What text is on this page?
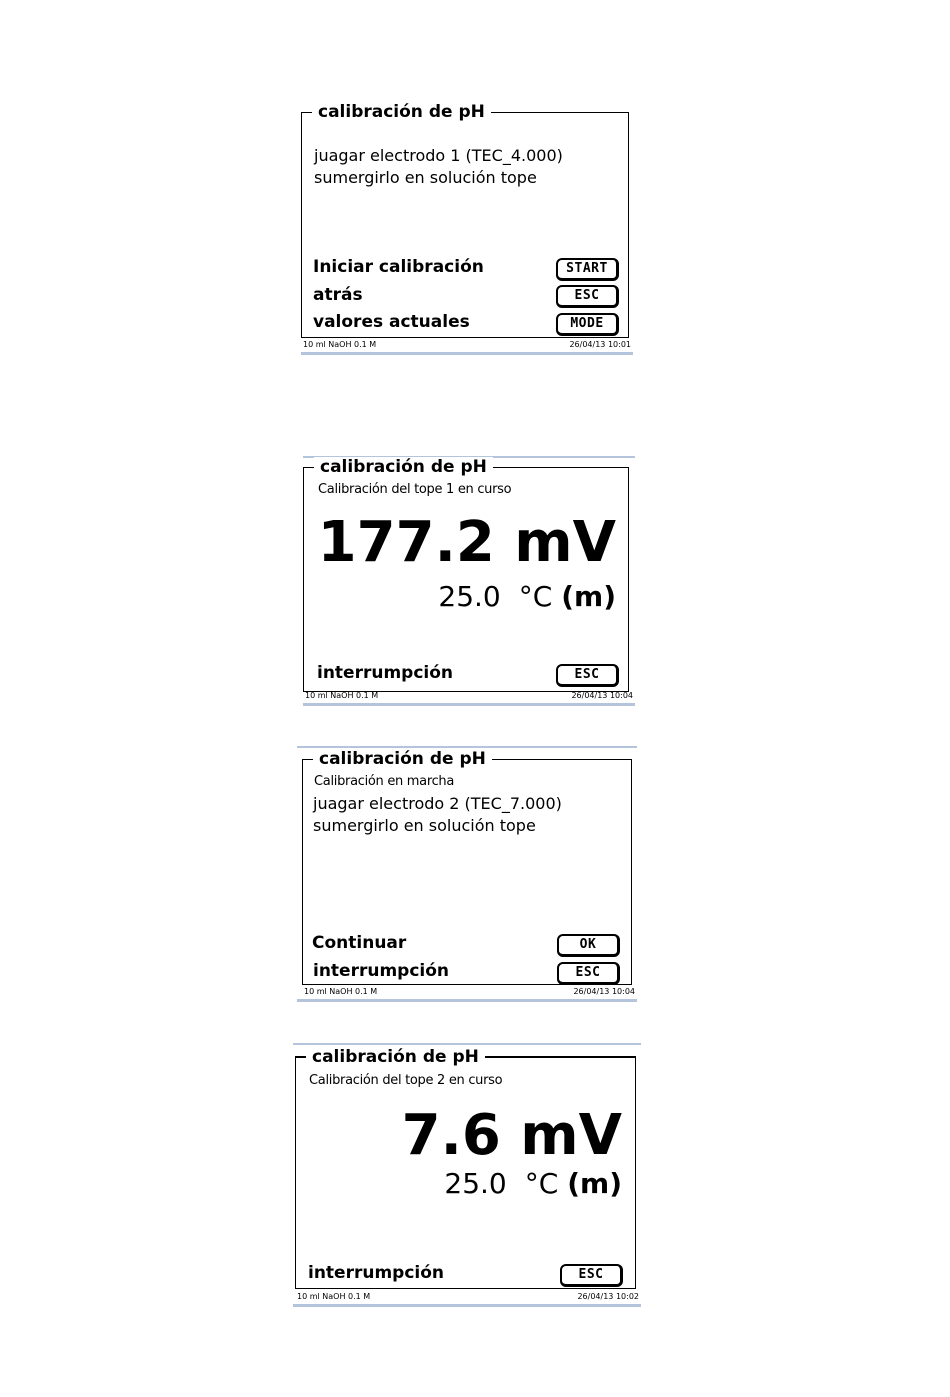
calibración de pH
juagar electrodo 1 (TEC_4.000)
sumergirlo en solución tope
Iniciar calibración	START
atrás	ESC
valores actuales	MODE
10 ml NaOH 0.1 M	26/04/13 10:01
calibración de pH
Calibración del tope 1 en curso
177.2 mV
25.0 °C (m)
interrumpción	ESC
10 ml NaOH 0.1 M	26/04/13 10:04
calibración de pH
Calibración en marcha
juagar electrodo 2 (TEC_7.000)
sumergirlo en solución tope
Continuar	OK
interrumpción	ESC
10 ml NaOH 0.1 M	26/04/13 10:04
calibración de pH
Calibración del tope 2 en curso
7.6 mV
25.0 °C (m)
interrumpción	ESC
10 ml NaOH 0.1 M	26/04/13 10:02
